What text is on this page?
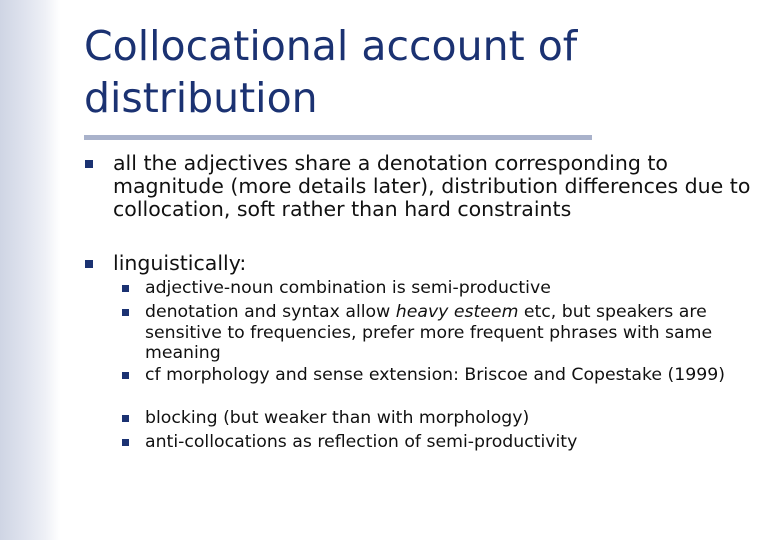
Collocational account of distribution
all the adjectives share a denotation corresponding to magnitude (more details later), distribution differences due to collocation, soft rather than hard constraints
linguistically:
adjective-noun combination is semi-productive
denotation and syntax allow heavy esteem etc, but speakers are sensitive to frequencies, prefer more frequent phrases with same meaning
cf morphology and sense extension: Briscoe and Copestake (1999)
blocking (but weaker than with morphology)
anti-collocations as reflection of semi-productivity
